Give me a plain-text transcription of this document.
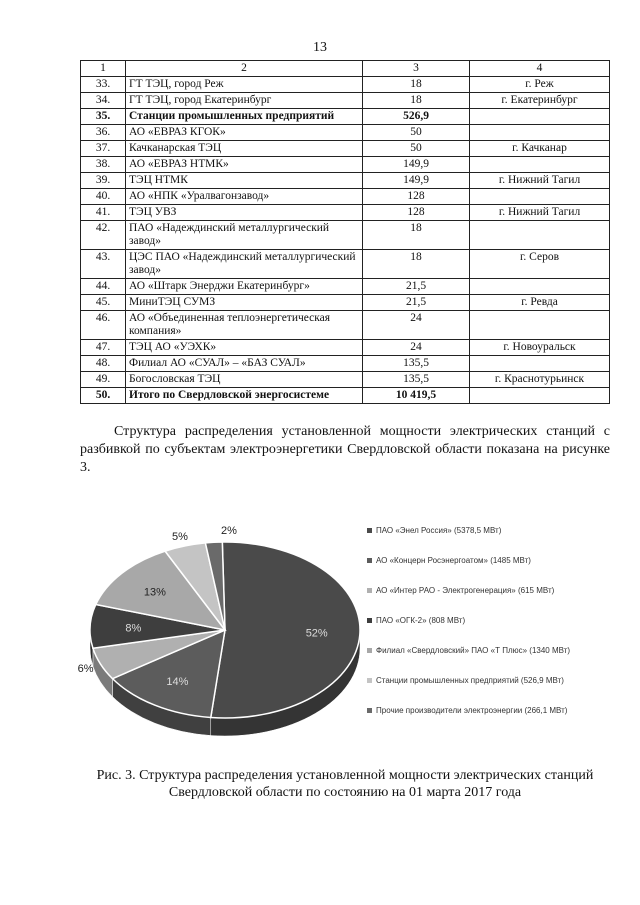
13
1	2	3	4
33.	ГТ ТЭЦ, город Реж	18	г. Реж
34.	ГТ ТЭЦ, город Екатеринбург	18	г. Екатеринбург
35.	Станции промышленных предприятий	526,9	
36.	АО «ЕВРАЗ КГОК»	50	
37.	Качканарская ТЭЦ	50	г. Качканар
38.	АО «ЕВРАЗ НТМК»	149,9	
39.	ТЭЦ НТМК	149,9	г. Нижний Тагил
40.	АО «НПК «Уралвагонзавод»	128	
41.	ТЭЦ УВЗ	128	г. Нижний Тагил
42.	ПАО «Надеждинский металлургический завод»	18	
43.	ЦЭС ПАО «Надеждинский металлургический завод»	18	г. Серов
44.	АО «Штарк Энерджи Екатеринбург»	21,5	
45.	МиниТЭЦ СУМЗ	21,5	г. Ревда
46.	АО «Объединенная теплоэнергетическая компания»	24	
47.	ТЭЦ АО «УЭХК»	24	г. Новоуральск
48.	Филиал АО «СУАЛ» – «БАЗ СУАЛ»	135,5	
49.	Богословская ТЭЦ	135,5	г. Краснотурьинск
50.	Итого по Свердловской энергосистеме	10 419,5	
Структура распределения установленной мощности электрических станций с разбивкой по субъектам электроэнергетики Свердловской области показана на рисунке 3.
52%
14%
6%
8%
13%
5%	2%	ПАО «Энел Россия» (5378,5 МВт)
АО «Концерн Росэнергоатом» (1485 МВт)
АО «Интер РАО - Электрогенерация» (615 МВт)
ПАО «ОГК-2» (808 МВт)
Филиал «Свердловский» ПАО «Т Плюс» (1340 МВт)
Станции промышленных предприятий (526,9 МВт)
Прочие производители электроэнергии (266,1 МВт)
Рис. 3. Структура распределения установленной мощности электрических станций Свердловской области по состоянию на 01 марта 2017 года
